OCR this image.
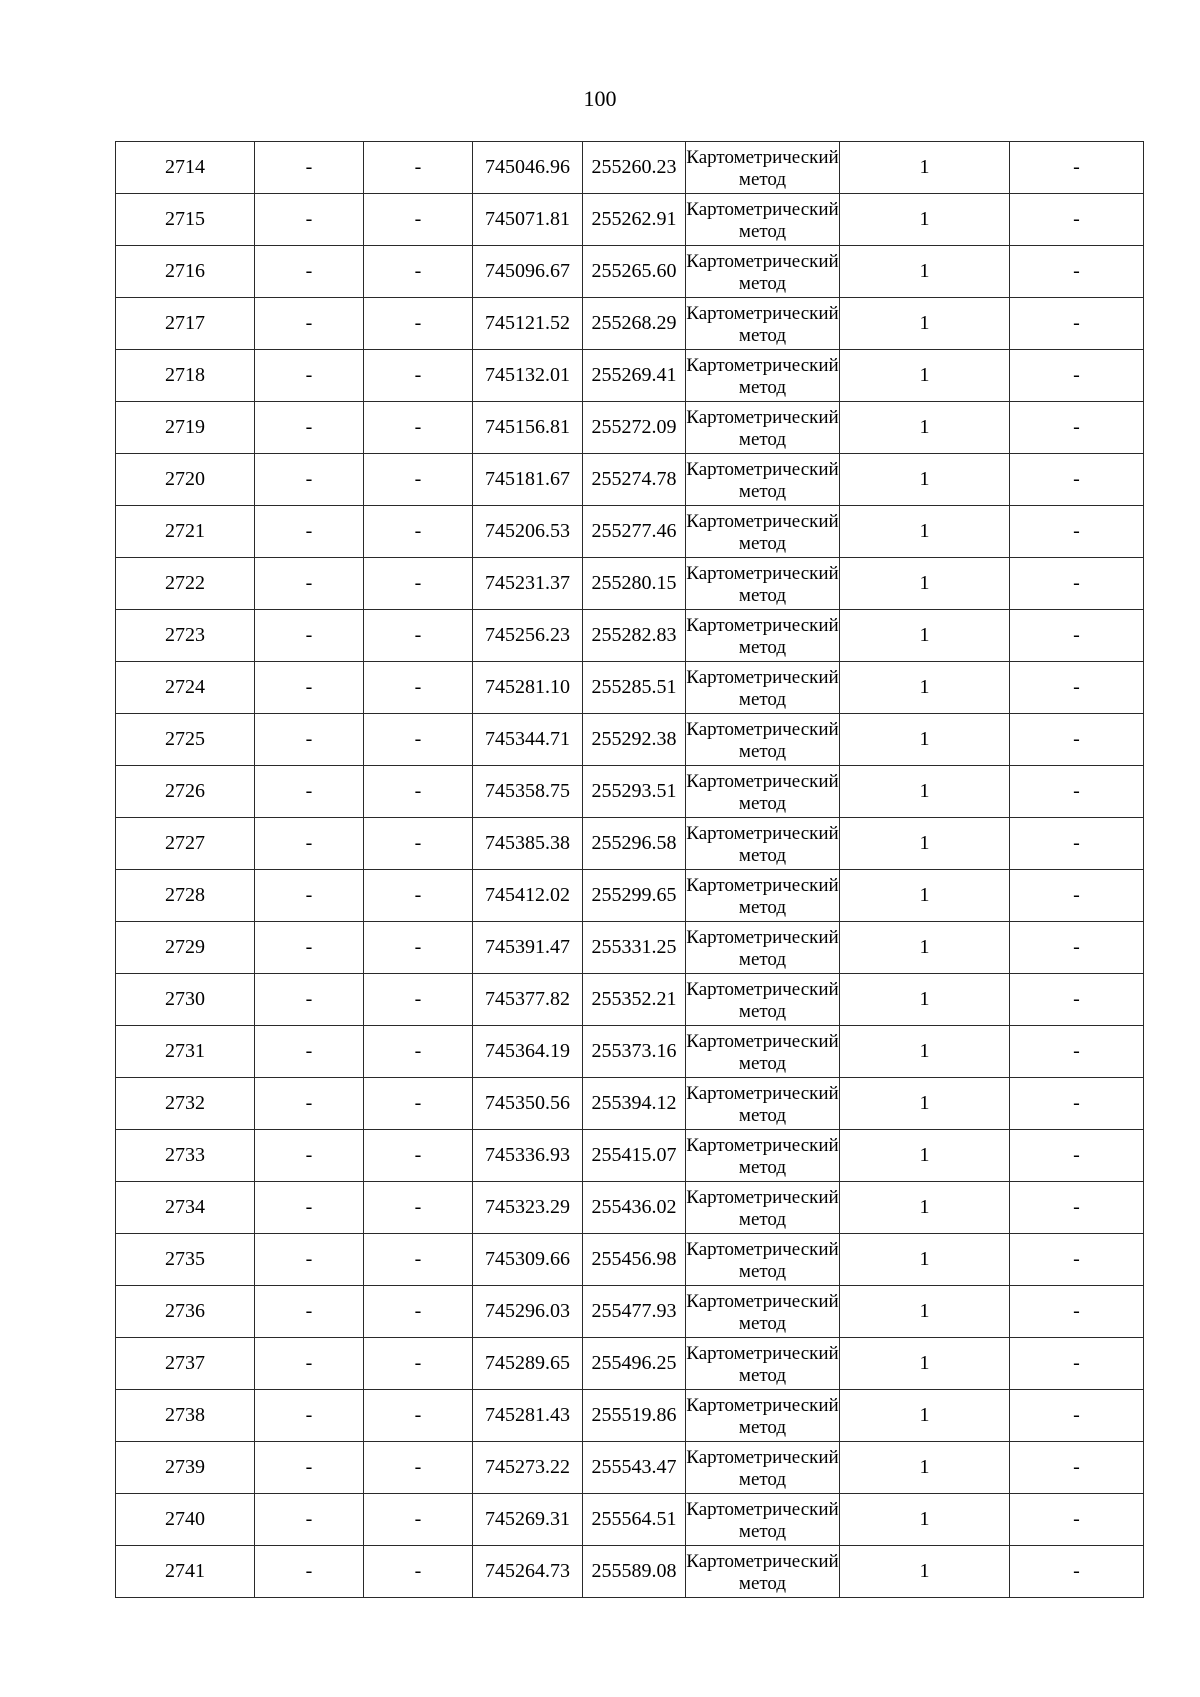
100
2714	-	-	745046.96	255260.23	Картометрический метод	1	-
2715	-	-	745071.81	255262.91	Картометрический метод	1	-
2716	-	-	745096.67	255265.60	Картометрический метод	1	-
2717	-	-	745121.52	255268.29	Картометрический метод	1	-
2718	-	-	745132.01	255269.41	Картометрический метод	1	-
2719	-	-	745156.81	255272.09	Картометрический метод	1	-
2720	-	-	745181.67	255274.78	Картометрический метод	1	-
2721	-	-	745206.53	255277.46	Картометрический метод	1	-
2722	-	-	745231.37	255280.15	Картометрический метод	1	-
2723	-	-	745256.23	255282.83	Картометрический метод	1	-
2724	-	-	745281.10	255285.51	Картометрический метод	1	-
2725	-	-	745344.71	255292.38	Картометрический метод	1	-
2726	-	-	745358.75	255293.51	Картометрический метод	1	-
2727	-	-	745385.38	255296.58	Картометрический метод	1	-
2728	-	-	745412.02	255299.65	Картометрический метод	1	-
2729	-	-	745391.47	255331.25	Картометрический метод	1	-
2730	-	-	745377.82	255352.21	Картометрический метод	1	-
2731	-	-	745364.19	255373.16	Картометрический метод	1	-
2732	-	-	745350.56	255394.12	Картометрический метод	1	-
2733	-	-	745336.93	255415.07	Картометрический метод	1	-
2734	-	-	745323.29	255436.02	Картометрический метод	1	-
2735	-	-	745309.66	255456.98	Картометрический метод	1	-
2736	-	-	745296.03	255477.93	Картометрический метод	1	-
2737	-	-	745289.65	255496.25	Картометрический метод	1	-
2738	-	-	745281.43	255519.86	Картометрический метод	1	-
2739	-	-	745273.22	255543.47	Картометрический метод	1	-
2740	-	-	745269.31	255564.51	Картометрический метод	1	-
2741	-	-	745264.73	255589.08	Картометрический метод	1	-
